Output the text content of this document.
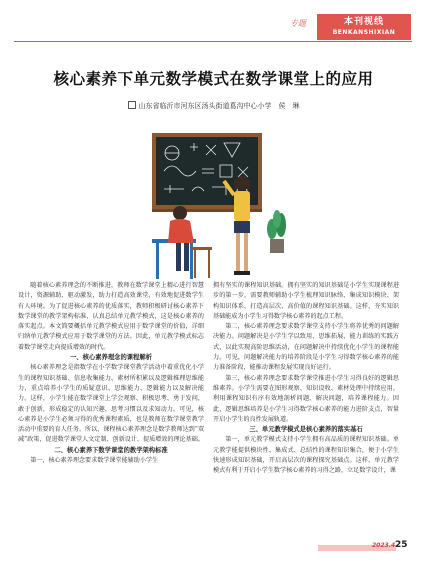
专题	本刊视线
BENKANSHIXIAN
核心素养下单元数学模式在数学课堂上的应用
山东省临沂市河东区汤头街道葛沟中心小学　侯　琳

随着核心素养理念的不断推进，教师在数学课堂上精心进行智慧设计，资源辅助、驱动激发，助力打造高效课堂，有效地促进数学生有人环境。为了促进核心素养的优质落实，教师积极研讨核心素养下数学课堂的教学架构标准，认真总结单元教学模式，这是核心素养的落实起点。本文简要概括单元教学模式应用于数学课堂的价值，详细归纳单元教学模式应用于数学课堂的方法。因此，单元教学模式标志着数学课堂走向提质增效的时代。

一、核心素养理念的课程解析

核心素养理念是指数学在小学数学课堂教学活动中着重优化小学生的课程知识基础、信息收集能力、素材所积累以及逻辑推理思维能力，重点培养小学生的质疑意识、思维能力、逻辑能力以及解决能力。这样，小学生能在数学课堂上学会观察、积极思考、勇于发问，敢于创新，形成稳定的认知兴趣，思考习惯以及求知动力。可见，核心素养是小学生必须习得的优秀课程素质，也是教师在数学课堂教学活动中重要的育人任务。所以，课程核心素养理念是数学教师达到“双减”政策，促进数学课堂人文定制、创新设计、提质增效的理论基础。

二、核心素养下数学课堂的教学架构标准

第一，核心素养理念要求数学课堂能辅助小学生

拥有坚实的课程知识基础。拥有坚实的知识基础是小学生实现课程进步的第一步，需要教师辅助小学生梳理知识脉络、集成知识模块、架构知识体系，打造高层次、高价值的课程知识基础。这样，夯实知识基础能成为小学生习得数学核心素养的起点工程。

第二，核心素养理念要求数学课堂支持小学生将养优秀的问题解决能力。问题解决是小学生学以致用、思维拓展、能力训练的实践方式，以此实现高阶思维活动，在问题解决中持续优化小学生的课程能力。可见，问题解决能力的培养阶段是小学生习得数学核心素养的能力准备阶段，能推动课程发展实现良好运行。

第三，核心素养理念要求数学课堂推进小学生习得良好的逻辑思维素养。小学生需要在图形观察、知识设收、素材处理中持续应用，利用课程知识有序有效地剖析问题、解决问题，培养课程能力。因此，逻辑思维培养是小学生习得数学核心素养的能力进阶支点，智量开启小学生的良性发展轨道。

三、单元教学模式是核心素养的落实基石

第一，单元教学模式支持小学生拥有高品质的课程知识基础。单元教学能提供模块性、集成式、总结性的课程知识集合，便于小学生快速形成知识基础，开启高层次的课程探究基础点。这样，单元教学模式有利于开启小学生数学核心素养的习得之路，立足数学设计，课

2023.4 25
